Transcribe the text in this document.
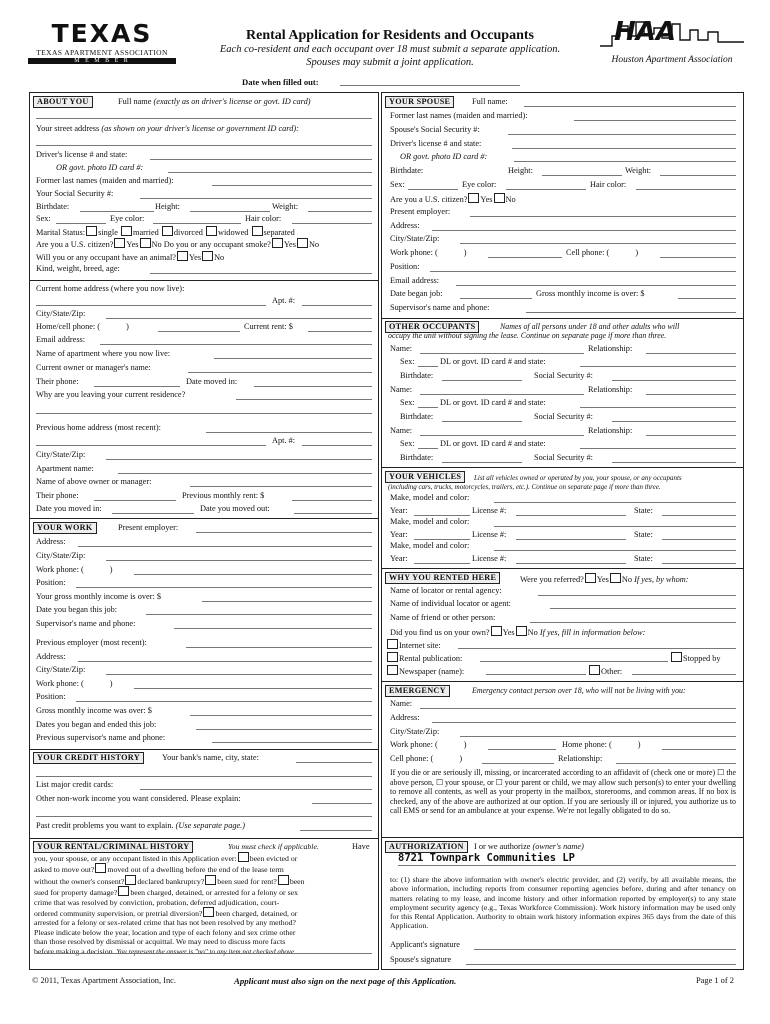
TEXAS
TEXAS APARTMENT ASSOCIATION
M E M B E R
Rental Application for Residents and Occupants
Each co-resident and each occupant over 18 must submit a separate application.
Spouses may submit a joint application.
Date when filled out:
HAA
Houston Apartment Association
ABOUT YOU	Full name (exactly as on driver's license or govt. ID card)
Your street address (as shown on your driver's license or government ID card):
Driver's license # and state:
OR govt. photo ID card #:
Former last names (maiden and married):
Your Social Security #:
Birthdate:	Height:	Weight:
Sex:	Eye color:	Hair color:
Marital Status: single married divorced widowed separated
Are you a U.S. citizen? Yes No Do you or any occupant smoke? Yes No
Will you or any occupant have an animal? Yes No
Kind, weight, breed, age:
Current home address (where you now live):
Apt. #:
City/State/Zip:
Home/cell phone: (	)	Current rent: $
Email address:
Name of apartment where you now live:
Current owner or manager's name:
Their phone:	Date moved in:
Why are you leaving your current residence?
Previous home address (most recent):
Apt. #:
City/State/Zip:
Apartment name:
Name of above owner or manager:
Their phone:	Previous monthly rent: $
Date you moved in:	Date you moved out:
YOUR WORK	Present employer:
Address:
City/State/Zip:
Work phone: (	)
Position:
Your gross monthly income is over: $
Date you began this job:
Supervisor's name and phone:
Previous employer (most recent):
Address:
City/State/Zip:
Work phone: (	)
Position:
Gross monthly income was over: $
Dates you began and ended this job:
Previous supervisor's name and phone:
YOUR CREDIT HISTORY	Your bank's name, city, state:
List major credit cards:
Other non-work income you want considered. Please explain:
Past credit problems you want to explain. (Use separate page.)
YOUR RENTAL/CRIMINAL HISTORY	You must check if applicable.	Have
you, your spouse, or any occupant listed in this Application ever: been evicted or
asked to move out? moved out of a dwelling before the end of the lease term
without the owner's consent? declared bankruptcy? been sued for rent? been
sued for property damage? been charged, detained, or arrested for a felony or sex
crime that was resolved by conviction, probation, deferred adjudication, court-
ordered community supervision, or pretrial diversion? been charged, detained, or
arrested for a felony or sex-related crime that has not been resolved by any method?
Please indicate below the year, location and type of each felony and sex crime other
than those resolved by dismissal or acquittal. We may need to discuss more facts
before making a decision. You represent the answer is "no" to any item not checked above.
YOUR SPOUSE	Full name:
Former last names (maiden and married):
Spouse's Social Security #:
Driver's license # and state:
OR govt. photo ID card #:
Birthdate:	Height:	Weight:
Sex:	Eye color:	Hair color:
Are you a U.S. citizen? Yes No
Present employer:
Address:
City/State/Zip:
Work phone: (	)	Cell phone: (	)
Position:
Email address:
Date began job:	Gross monthly income is over: $
Supervisor's name and phone:
OTHER OCCUPANTS	Names of all persons under 18 and other adults who will
occupy the unit without signing the lease. Continue on separate page if more than three.
Name:	Relationship:
Sex:	DL or govt. ID card # and state:
Birthdate:	Social Security #:
Name:	Relationship:
Sex:	DL or govt. ID card # and state:
Birthdate:	Social Security #:
Name:	Relationship:
Sex:	DL or govt. ID card # and state:
Birthdate:	Social Security #:
YOUR VEHICLES	List all vehicles owned or operated by you, your spouse, or any occupants
(including cars, trucks, motorcycles, trailers, etc.). Continue on separate page if more than three.
Make, model and color:
Year:	License #:	State:
Make, model and color:
Year:	License #:	State:
Make, model and color:
Year:	License #:	State:
WHY YOU RENTED HERE	Were you referred? Yes No If yes, by whom:
Name of locator or rental agency:
Name of individual locator or agent:
Name of friend or other person:
Did you find us on your own? Yes No If yes, fill in information below:
Internet site:
Rental publication:	Stopped by
Newspaper (name):	Other:
EMERGENCY	Emergency contact person over 18, who will not be living with you:
Name:
Address:
City/State/Zip:
Work phone: (	)	Home phone: (	)
Cell phone: (	)	Relationship:
If you die or are seriously ill, missing, or incarcerated according to an affidavit of (check one or more) ☐ the above person, ☐ your spouse, or ☐ your parent or child, we may allow such person(s) to enter your dwelling to remove all contents, as well as your property in the mailbox, storerooms, and common areas. If no box is checked, any of the above are authorized at our option. If you are seriously ill or injured, you authorize us to call EMS or send for an ambulance at your expense. We're not legally obligated to do so.
AUTHORIZATION	I or we authorize (owner's name)
8721 Townpark Communities LP
to: (1) share the above information with owner's electric provider, and (2) verify, by all available means, the above information, including reports from consumer reporting agencies before, during and after tenancy on matters relating to my lease, and income history and other information reported by employer(s) to any state employment security agency (e.g., Texas Workforce Commission). Work history information may be used only for this Rental Application. Authority to obtain work history information expires 365 days from the date of this Application.
Applicant's signature
Spouse's signature
© 2011, Texas Apartment Association, Inc.	Applicant must also sign on the next page of this Application.	Page 1 of 2
